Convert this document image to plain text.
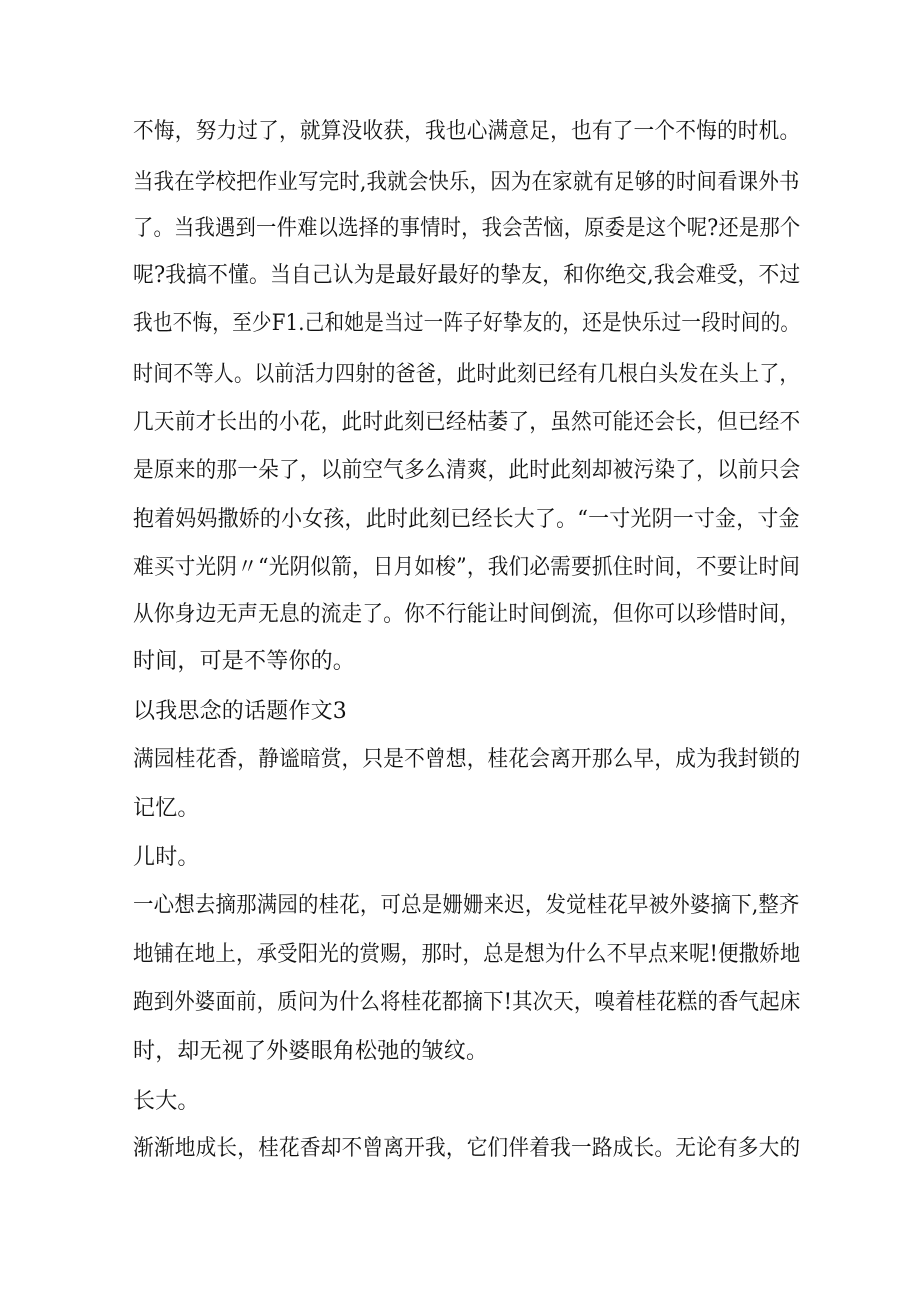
不悔，努力过了，就算没收获，我也心满意足，也有了一个不悔的时机。
当我在学校把作业写完时,我就会快乐，因为在家就有足够的时间看课外书
了。当我遇到一件难以选择的事情时，我会苦恼，原委是这个呢?还是那个
呢?我搞不懂。当自己认为是最好最好的挚友，和你绝交,我会难受，不过
我也不悔，至少F1.己和她是当过一阵子好挚友的，还是快乐过一段时间的。
时间不等人。以前活力四射的爸爸，此时此刻已经有几根白头发在头上了，
几天前才长出的小花，此时此刻已经枯萎了，虽然可能还会长，但已经不
是原来的那一朵了，以前空气多么清爽，此时此刻却被污染了，以前只会
抱着妈妈撒娇的小女孩，此时此刻已经长大了。“一寸光阴一寸金，寸金
难买寸光阴〃“光阴似箭，日月如梭”，我们必需要抓住时间，不要让时间
从你身边无声无息的流走了。你不行能让时间倒流，但你可以珍惜时间，
时间，可是不等你的。
以我思念的话题作文3
满园桂花香，静谧暗赏，只是不曾想，桂花会离开那么早，成为我封锁的
记忆。
儿时。
一心想去摘那满园的桂花，可总是姗姗来迟，发觉桂花早被外婆摘下,整齐
地铺在地上，承受阳光的赏赐，那时，总是想为什么不早点来呢!便撒娇地
跑到外婆面前，质问为什么将桂花都摘下!其次天，嗅着桂花糕的香气起床
时，却无视了外婆眼角松弛的皱纹。
长大。
渐渐地成长，桂花香却不曾离开我，它们伴着我一路成长。无论有多大的
